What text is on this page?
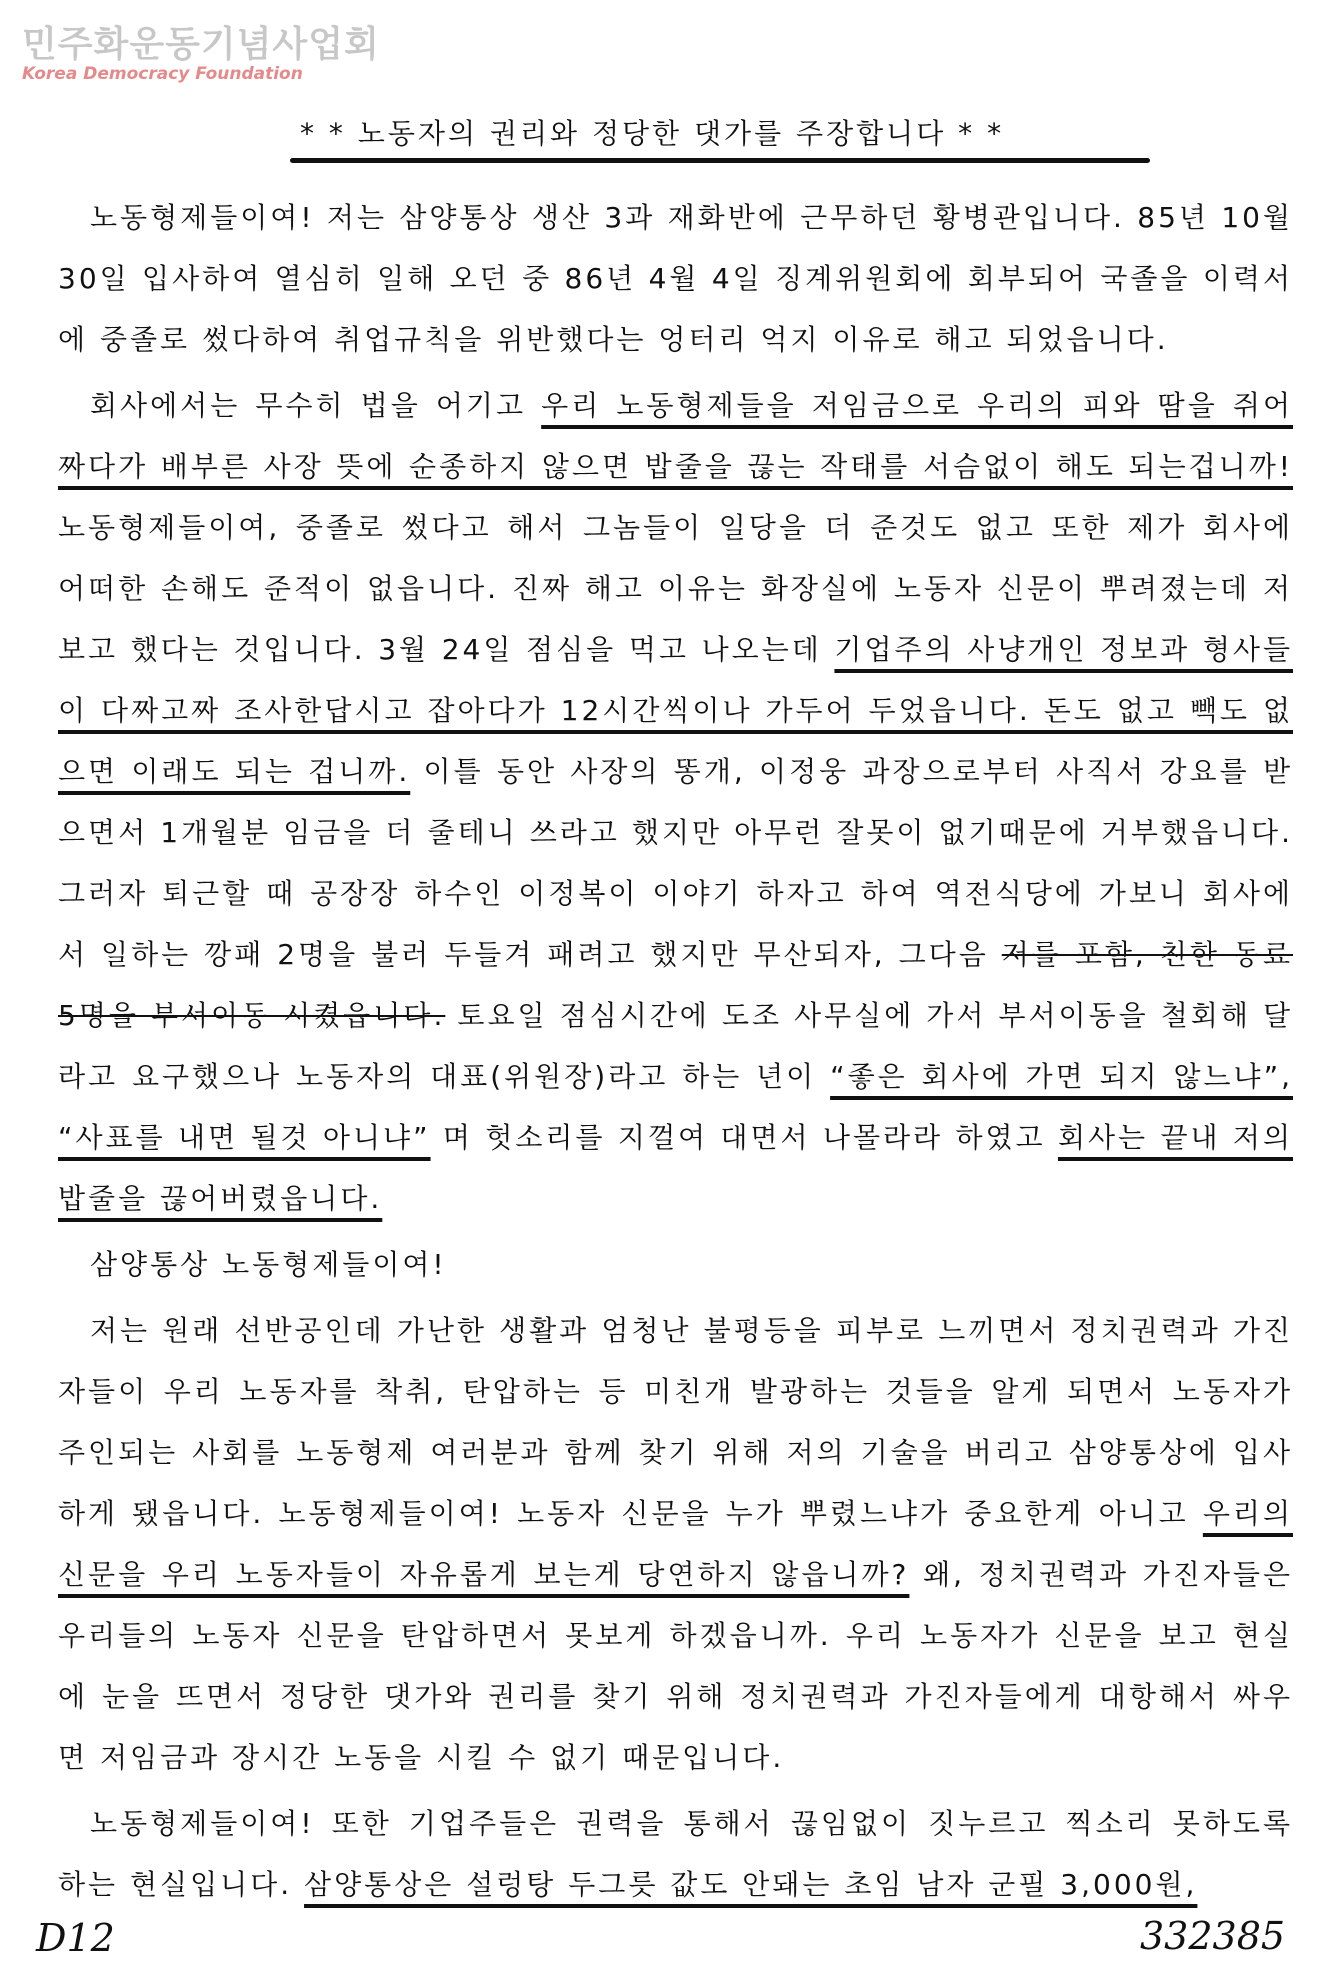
민주화운동기념사업회
Korea Democracy Foundation
* * 노동자의 권리와 정당한 댓가를 주장합니다 * *

노동형제들이여! 저는 삼양통상 생산 3과 재화반에 근무하던 황병관입니다. 85년 10월 30일 입사하여 열심히 일해 오던 중 86년 4월 4일 징계위원회에 회부되어 국졸을 이력서에 중졸로 썼다하여 취업규칙을 위반했다는 엉터리 억지 이유로 해고 되었읍니다.

회사에서는 무수히 법을 어기고 우리 노동형제들을 저임금으로 우리의 피와 땀을 쥐어 짜다가 배부른 사장 뜻에 순종하지 않으면 밥줄을 끊는 작태를 서슴없이 해도 되는겁니까! 노동형제들이여, 중졸로 썼다고 해서 그놈들이 일당을 더 준것도 없고 또한 제가 회사에 어떠한 손해도 준적이 없읍니다. 진짜 해고 이유는 화장실에 노동자 신문이 뿌려졌는데 저보고 했다는 것입니다. 3월 24일 점심을 먹고 나오는데 기업주의 사냥개인 정보과 형사들이 다짜고짜 조사한답시고 잡아다가 12시간씩이나 가두어 두었읍니다. 돈도 없고 빽도 없으면 이래도 되는 겁니까. 이틀 동안 사장의 똥개, 이정웅 과장으로부터 사직서 강요를 받으면서 1개월분 임금을 더 줄테니 쓰라고 했지만 아무런 잘못이 없기때문에 거부했읍니다. 그러자 퇴근할 때 공장장 하수인 이정복이 이야기 하자고 하여 역전식당에 가보니 회사에서 일하는 깡패 2명을 불러 두들겨 패려고 했지만 무산되자, 그다음 저를 포함, 친한 동료 5명을 부서이동 시켰읍니다. 토요일 점심시간에 도조 사무실에 가서 부서이동을 철회해 달라고 요구했으나 노동자의 대표(위원장)라고 하는 년이 “좋은 회사에 가면 되지 않느냐”, “사표를 내면 될것 아니냐” 며 헛소리를 지껄여 대면서 나몰라라 하였고 회사는 끝내 저의 밥줄을 끊어버렸읍니다.

삼양통상 노동형제들이여!

저는 원래 선반공인데 가난한 생활과 엄청난 불평등을 피부로 느끼면서 정치권력과 가진자들이 우리 노동자를 착취, 탄압하는 등 미친개 발광하는 것들을 알게 되면서 노동자가 주인되는 사회를 노동형제 여러분과 함께 찾기 위해 저의 기술을 버리고 삼양통상에 입사하게 됐읍니다. 노동형제들이여! 노동자 신문을 누가 뿌렸느냐가 중요한게 아니고 우리의 신문을 우리 노동자들이 자유롭게 보는게 당연하지 않읍니까? 왜, 정치권력과 가진자들은 우리들의 노동자 신문을 탄압하면서 못보게 하겠읍니까. 우리 노동자가 신문을 보고 현실에 눈을 뜨면서 정당한 댓가와 권리를 찾기 위해 정치권력과 가진자들에게 대항해서 싸우면 저임금과 장시간 노동을 시킬 수 없기 때문입니다.

노동형제들이여! 또한 기업주들은 권력을 통해서 끊임없이 짓누르고 찍소리 못하도록 하는 현실입니다. 삼양통상은 설렁탕 두그릇 값도 안돼는 초임 남자 군필 3,000원,

D12	332385
